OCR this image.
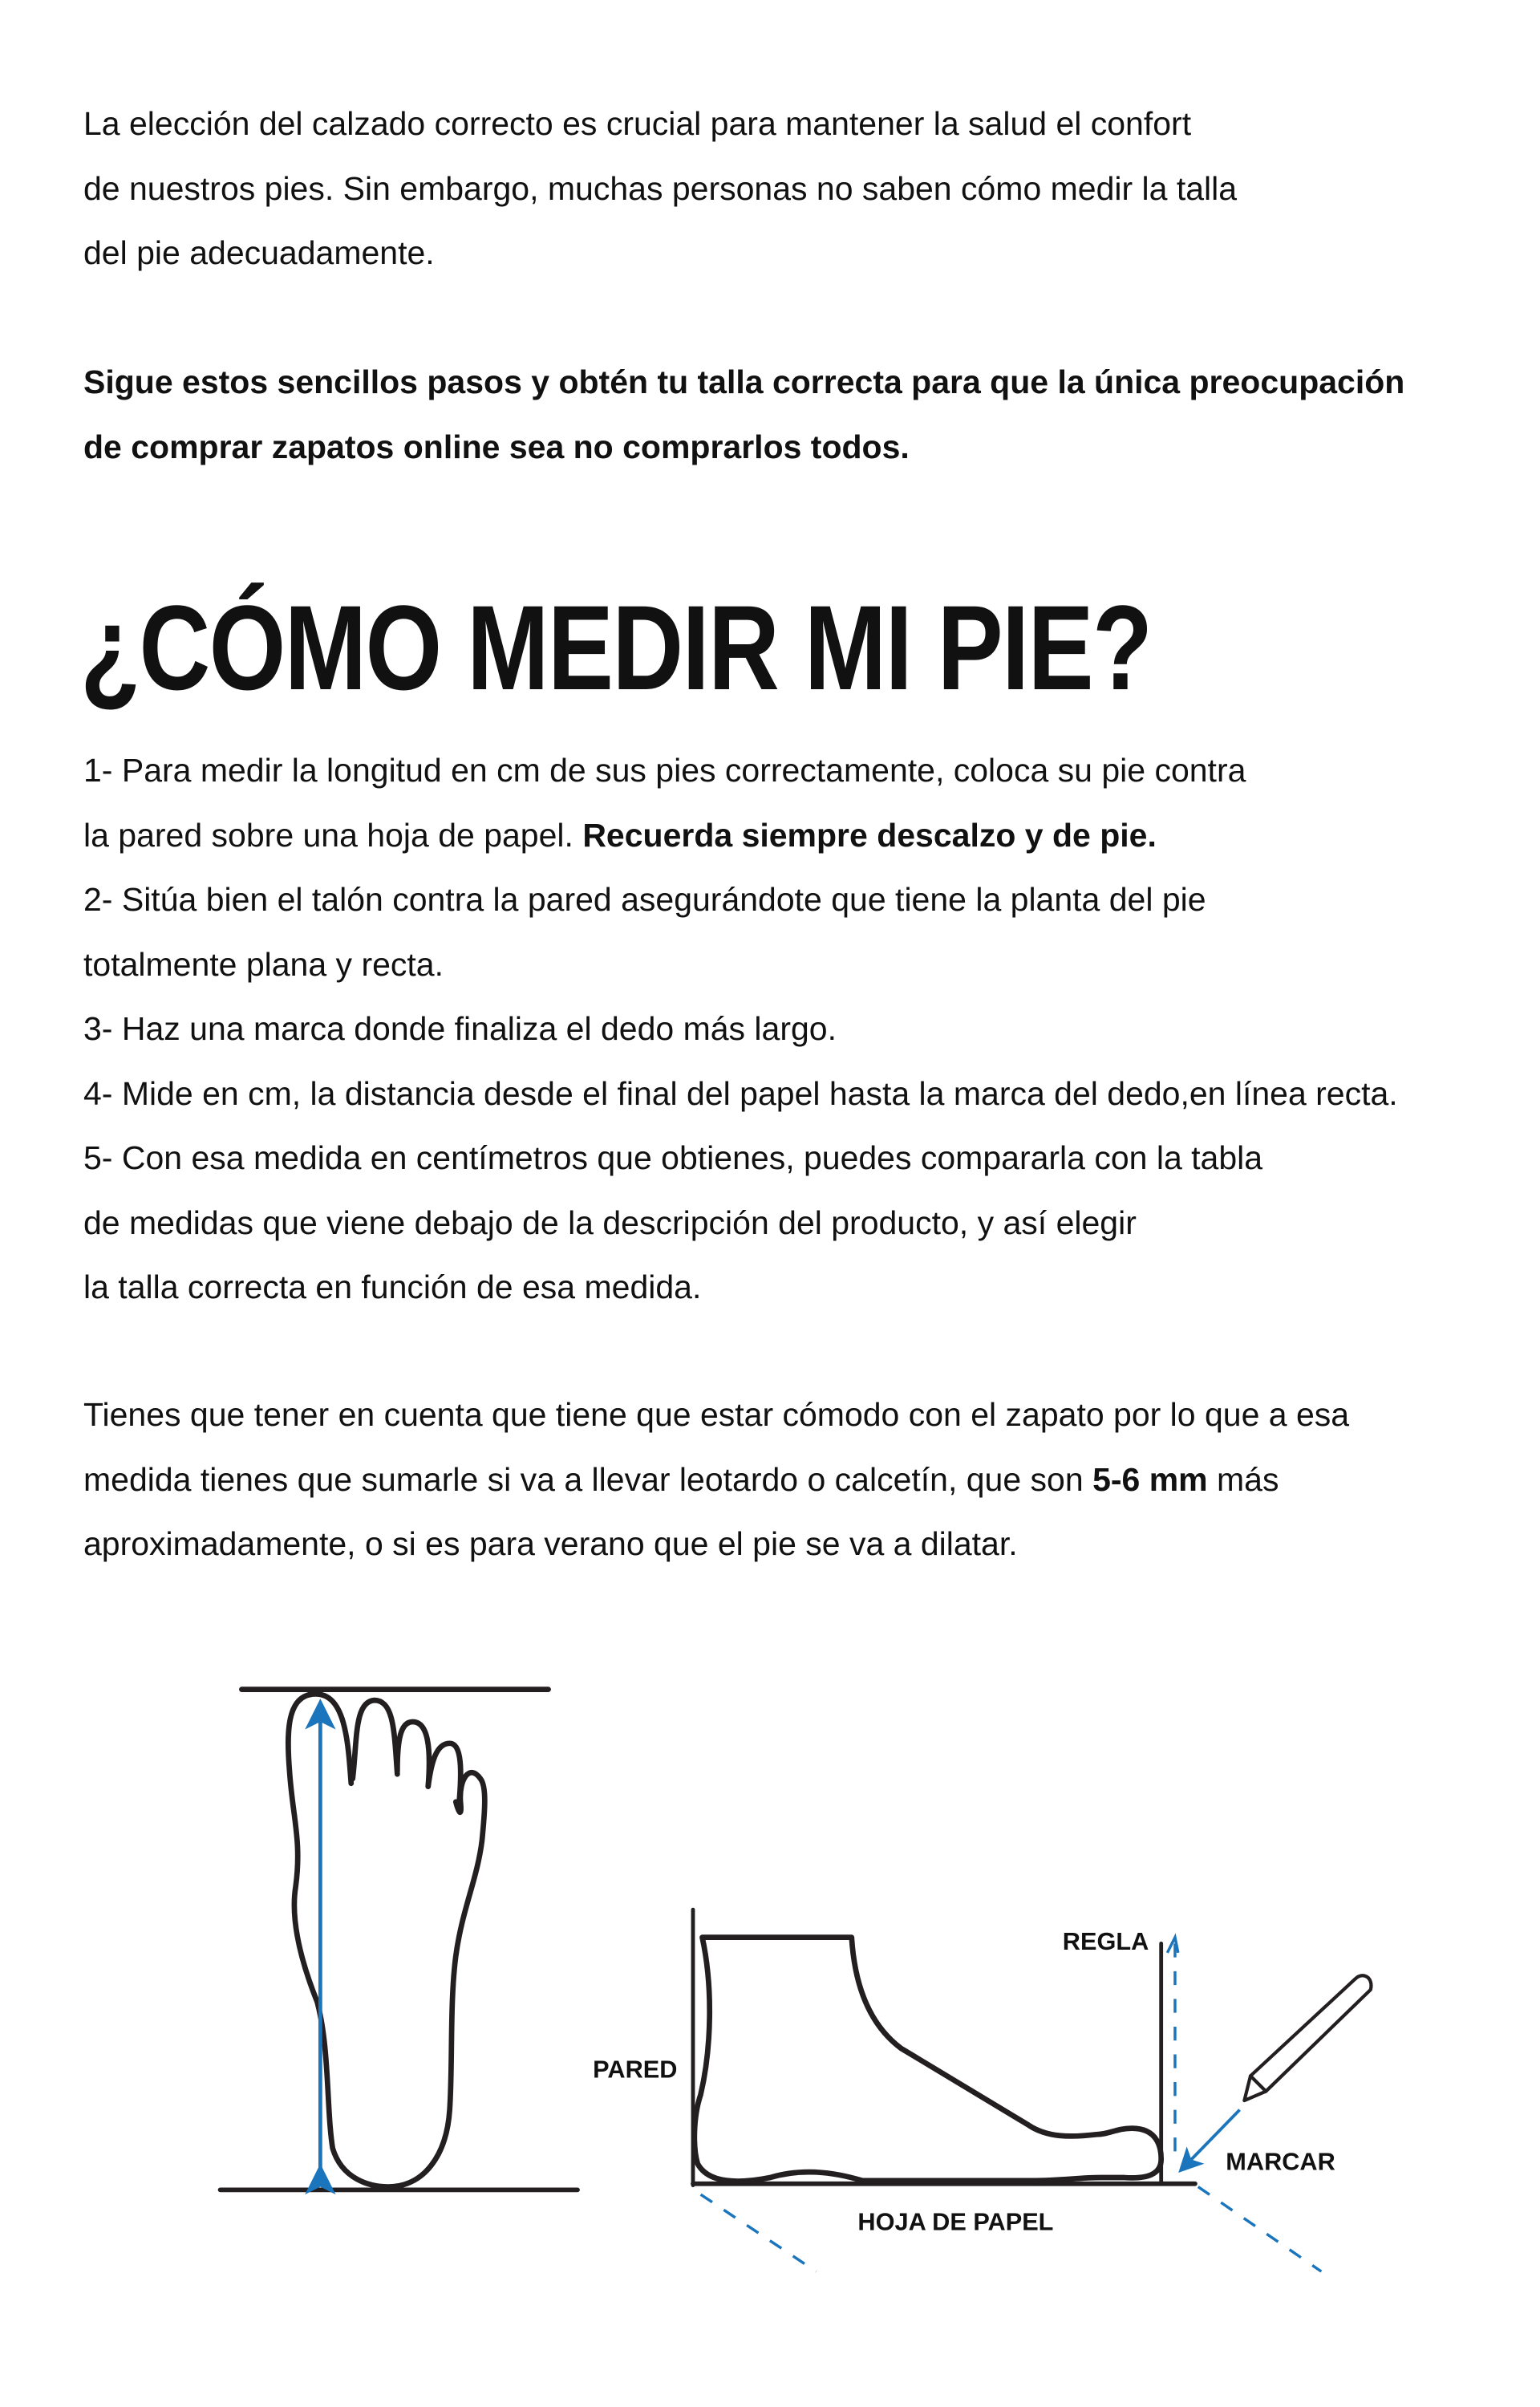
La elección del calzado correcto es crucial para mantener la salud el confort
de nuestros pies. Sin embargo, muchas personas no saben cómo medir la talla
del pie adecuadamente.
Sigue estos sencillos pasos y obtén tu talla correcta para que la única preocupación
de comprar zapatos online sea no comprarlos todos.
¿CÓMO MEDIR MI PIE?
1- Para medir la longitud en cm de sus pies correctamente, coloca su pie contra
la pared sobre una hoja de papel. Recuerda siempre descalzo y de pie.
2- Sitúa bien el talón contra la pared asegurándote que tiene la planta del pie
totalmente plana y recta.
3- Haz una marca donde finaliza el dedo más largo.
4- Mide en cm, la distancia desde el final del papel hasta la marca del dedo,en línea recta.
5- Con esa medida en centímetros que obtienes, puedes compararla con la tabla
de medidas que viene debajo de la descripción del producto, y así elegir
la talla correcta en función de esa medida.
Tienes que tener en cuenta que tiene que estar cómodo con el zapato por lo que a esa
medida tienes que sumarle si va a llevar leotardo o calcetín, que son 5-6 mm más
aproximadamente, o si es para verano que el pie se va a dilatar.
REGLA
PARED
MARCAR
HOJA DE PAPEL
